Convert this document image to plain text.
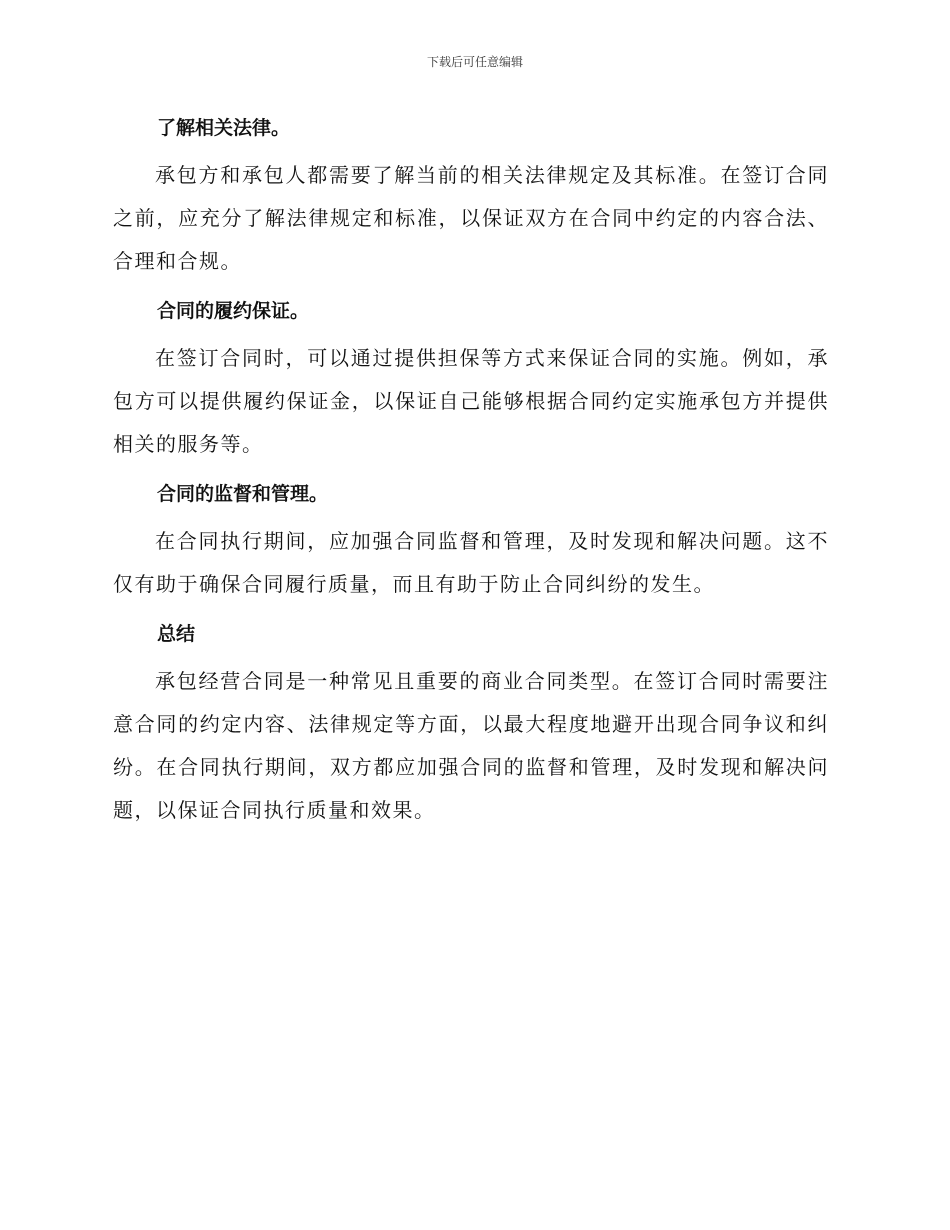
下载后可任意编辑
了解相关法律。

承包方和承包人都需要了解当前的相关法律规定及其标准。在签订合同之前，应充分了解法律规定和标准，以保证双方在合同中约定的内容合法、合理和合规。

合同的履约保证。

在签订合同时，可以通过提供担保等方式来保证合同的实施。例如，承包方可以提供履约保证金，以保证自己能够根据合同约定实施承包方并提供相关的服务等。

合同的监督和管理。

在合同执行期间，应加强合同监督和管理，及时发现和解决问题。这不仅有助于确保合同履行质量，而且有助于防止合同纠纷的发生。

总结

承包经营合同是一种常见且重要的商业合同类型。在签订合同时需要注意合同的约定内容、法律规定等方面，以最大程度地避开出现合同争议和纠纷。在合同执行期间，双方都应加强合同的监督和管理，及时发现和解决问题，以保证合同执行质量和效果。
